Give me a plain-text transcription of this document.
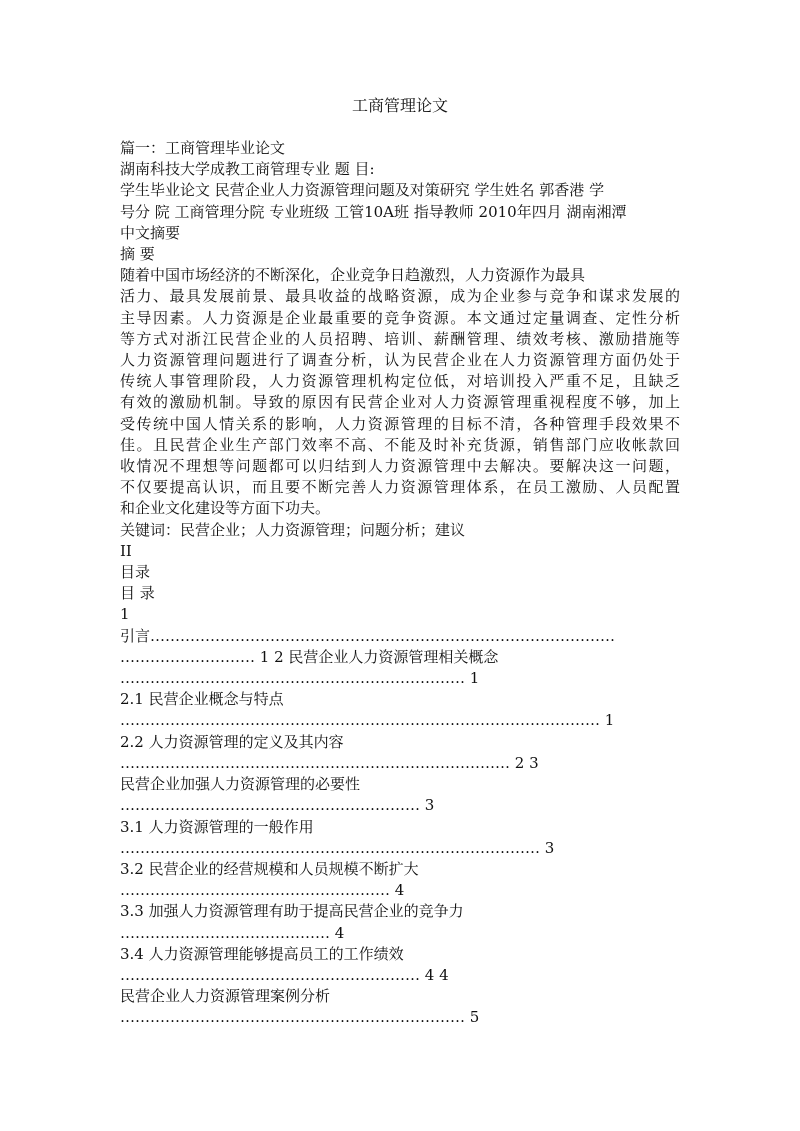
工商管理论文
篇一：工商管理毕业论文
湖南科技大学成教工商管理专业 题 目:
学生毕业论文 民营企业人力资源管理问题及对策研究 学生姓名 郭香港 学
号分 院 工商管理分院 专业班级 工管10A班 指导教师 2010年四月 湖南湘潭
中文摘要
摘 要
随着中国市场经济的不断深化，企业竞争日趋激烈，人力资源作为最具
活力、最具发展前景、最具收益的战略资源，成为企业参与竞争和谋求发展的
主导因素。人力资源是企业最重要的竞争资源。本文通过定量调查、定性分析
等方式对浙江民营企业的人员招聘、培训、薪酬管理、绩效考核、激励措施等
人力资源管理问题进行了调查分析，认为民营企业在人力资源管理方面仍处于
传统人事管理阶段，人力资源管理机构定位低，对培训投入严重不足，且缺乏
有效的激励机制。导致的原因有民营企业对人力资源管理重视程度不够，加上
受传统中国人情关系的影响，人力资源管理的目标不清，各种管理手段效果不
佳。且民营企业生产部门效率不高、不能及时补充货源，销售部门应收帐款回
收情况不理想等问题都可以归结到人力资源管理中去解决。要解决这一问题，
不仅要提高认识，而且要不断完善人力资源管理体系，在员工激励、人员配置
和企业文化建设等方面下功夫。
关键词：民营企业；人力资源管理；问题分析；建议
II
目录
目 录
1
引言…………………………………………………………………………………
……………………… 1 2 民营企业人力资源管理相关概念
…………………………………………………………… 1
2.1 民营企业概念与特点
…………………………………………………………………………………… 1
2.2 人力资源管理的定义及其内容
…………………………………………………………………… 2 3
民营企业加强人力资源管理的必要性
…………………………………………………… 3
3.1 人力资源管理的一般作用
………………………………………………………………………… 3
3.2 民营企业的经营规模和人员规模不断扩大
……………………………………………… 4
3.3 加强人力资源管理有助于提高民营企业的竞争力
…………………………………… 4
3.4 人力资源管理能够提高员工的工作绩效
…………………………………………………… 4 4
民营企业人力资源管理案例分析
…………………………………………………………… 5
